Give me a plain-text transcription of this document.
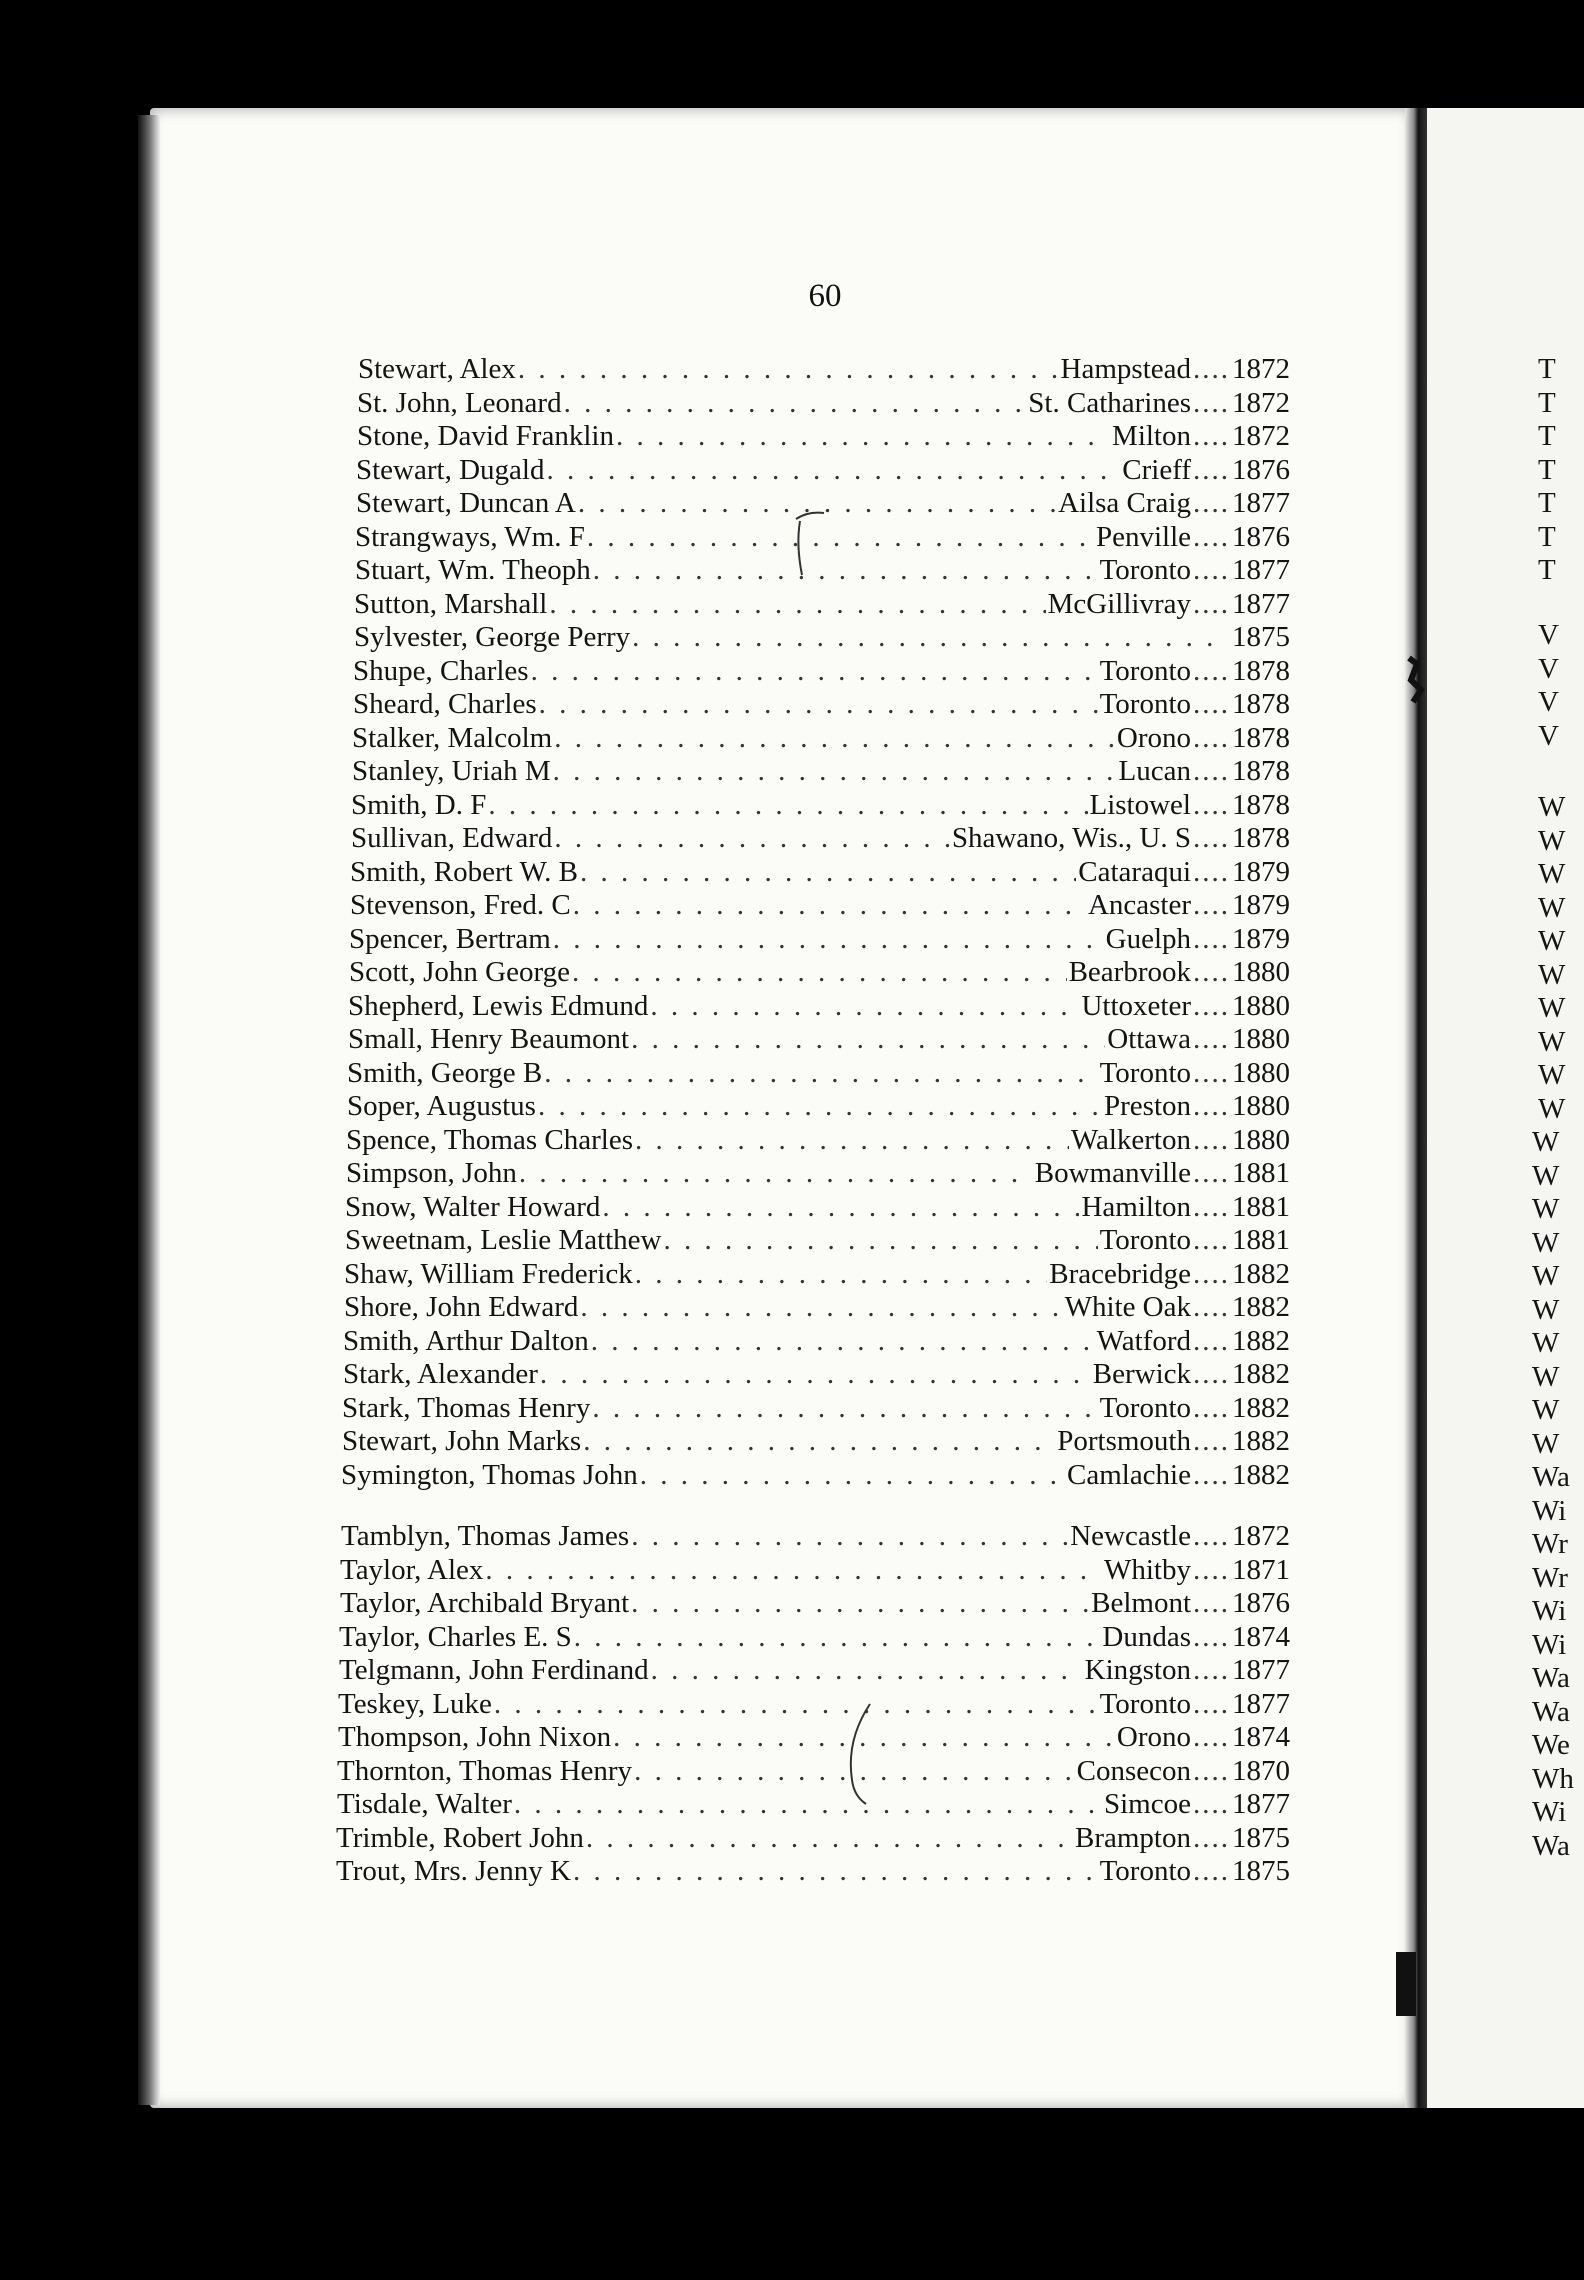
60
Stewart, Alex . . .	Hampstead .... 1872
St. John, Leonard . . .	St. Catharines .... 1872
Stone, David Franklin . . .	Milton .... 1872
Stewart, Dugald . . .	Crieff .... 1876
Stewart, Duncan A . . .	Ailsa Craig .... 1877
Strangways, Wm. F . . .	Penville .... 1876
Stuart, Wm. Theoph . . .	Toronto .... 1877
Sutton, Marshall . . .	McGillivray .... 1877
Sylvester, George Perry . . .	1875
Shupe, Charles . . .	Toronto .... 1878
Sheard, Charles . . .	Toronto .... 1878
Stalker, Malcolm . . .	Orono .... 1878
Stanley, Uriah M . . .	Lucan .... 1878
Smith, D. F . . .	Listowel .... 1878
Sullivan, Edward . . .	Shawano, Wis., U. S .... 1878
Smith, Robert W. B . . .	Cataraqui .... 1879
Stevenson, Fred. C . . .	Ancaster .... 1879
Spencer, Bertram . . .	Guelph .... 1879
Scott, John George . . .	Bearbrook .... 1880
Shepherd, Lewis Edmund . . .	Uttoxeter .... 1880
Small, Henry Beaumont . . .	Ottawa .... 1880
Smith, George B . . .	Toronto .... 1880
Soper, Augustus . . .	Preston .... 1880
Spence, Thomas Charles . . .	Walkerton .... 1880
Simpson, John . . .	Bowmanville .... 1881
Snow, Walter Howard . . .	Hamilton .... 1881
Sweetnam, Leslie Matthew . . .	Toronto .... 1881
Shaw, William Frederick . . .	Bracebridge .... 1882
Shore, John Edward . . .	White Oak .... 1882
Smith, Arthur Dalton . . .	Watford .... 1882
Stark, Alexander . . .	Berwick .... 1882
Stark, Thomas Henry . . .	Toronto .... 1882
Stewart, John Marks . . .	Portsmouth .... 1882
Symington, Thomas John . . .	Camlachie .... 1882
Tamblyn, Thomas James . . .	Newcastle .... 1872
Taylor, Alex . . .	Whitby .... 1871
Taylor, Archibald Bryant . . .	Belmont .... 1876
Taylor, Charles E. S . . .	Dundas .... 1874
Telgmann, John Ferdinand . . .	Kingston .... 1877
Teskey, Luke . . .	Toronto .... 1877
Thompson, John Nixon . . .	Orono .... 1874
Thornton, Thomas Henry . . .	Consecon .... 1870
Tisdale, Walter . . .	Simcoe .... 1877
Trimble, Robert John . . .	Brampton .... 1875
Trout, Mrs. Jenny K . . .	Toronto .... 1875
T
T
T
T
T
T
T
V
V
V
V
W
W
W
W
W
W
W
W
W
W
W
W
W
W
W
W
W
W
W
W
Wa
Wi
Wr
Wr
Wi
Wi
Wa
Wa
We
Wh
Wi
Wa
